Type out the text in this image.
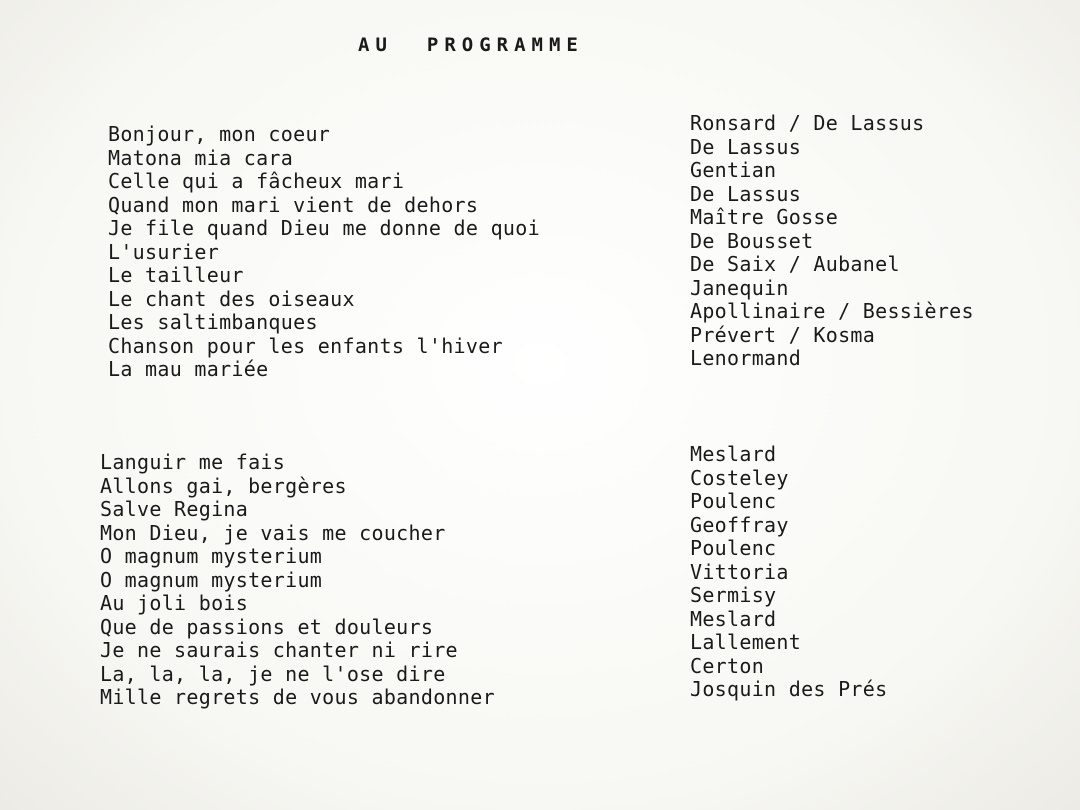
AU PROGRAMME
Bonjour, mon coeur
Matona mia cara
Celle qui a fâcheux mari
Quand mon mari vient de dehors
Je file quand Dieu me donne de quoi
L'usurier
Le tailleur
Le chant des oiseaux
Les saltimbanques
Chanson pour les enfants l'hiver
La mau mariée
Ronsard / De Lassus
De Lassus
Gentian
De Lassus
Maître Gosse
De Bousset
De Saix / Aubanel
Janequin
Apollinaire / Bessières
Prévert / Kosma
Lenormand
Languir me fais
Allons gai, bergères
Salve Regina
Mon Dieu, je vais me coucher
O magnum mysterium
O magnum mysterium
Au joli bois
Que de passions et douleurs
Je ne saurais chanter ni rire
La, la, la, je ne l'ose dire
Mille regrets de vous abandonner
Meslard
Costeley
Poulenc
Geoffray
Poulenc
Vittoria
Sermisy
Meslard
Lallement
Certon
Josquin des Prés
